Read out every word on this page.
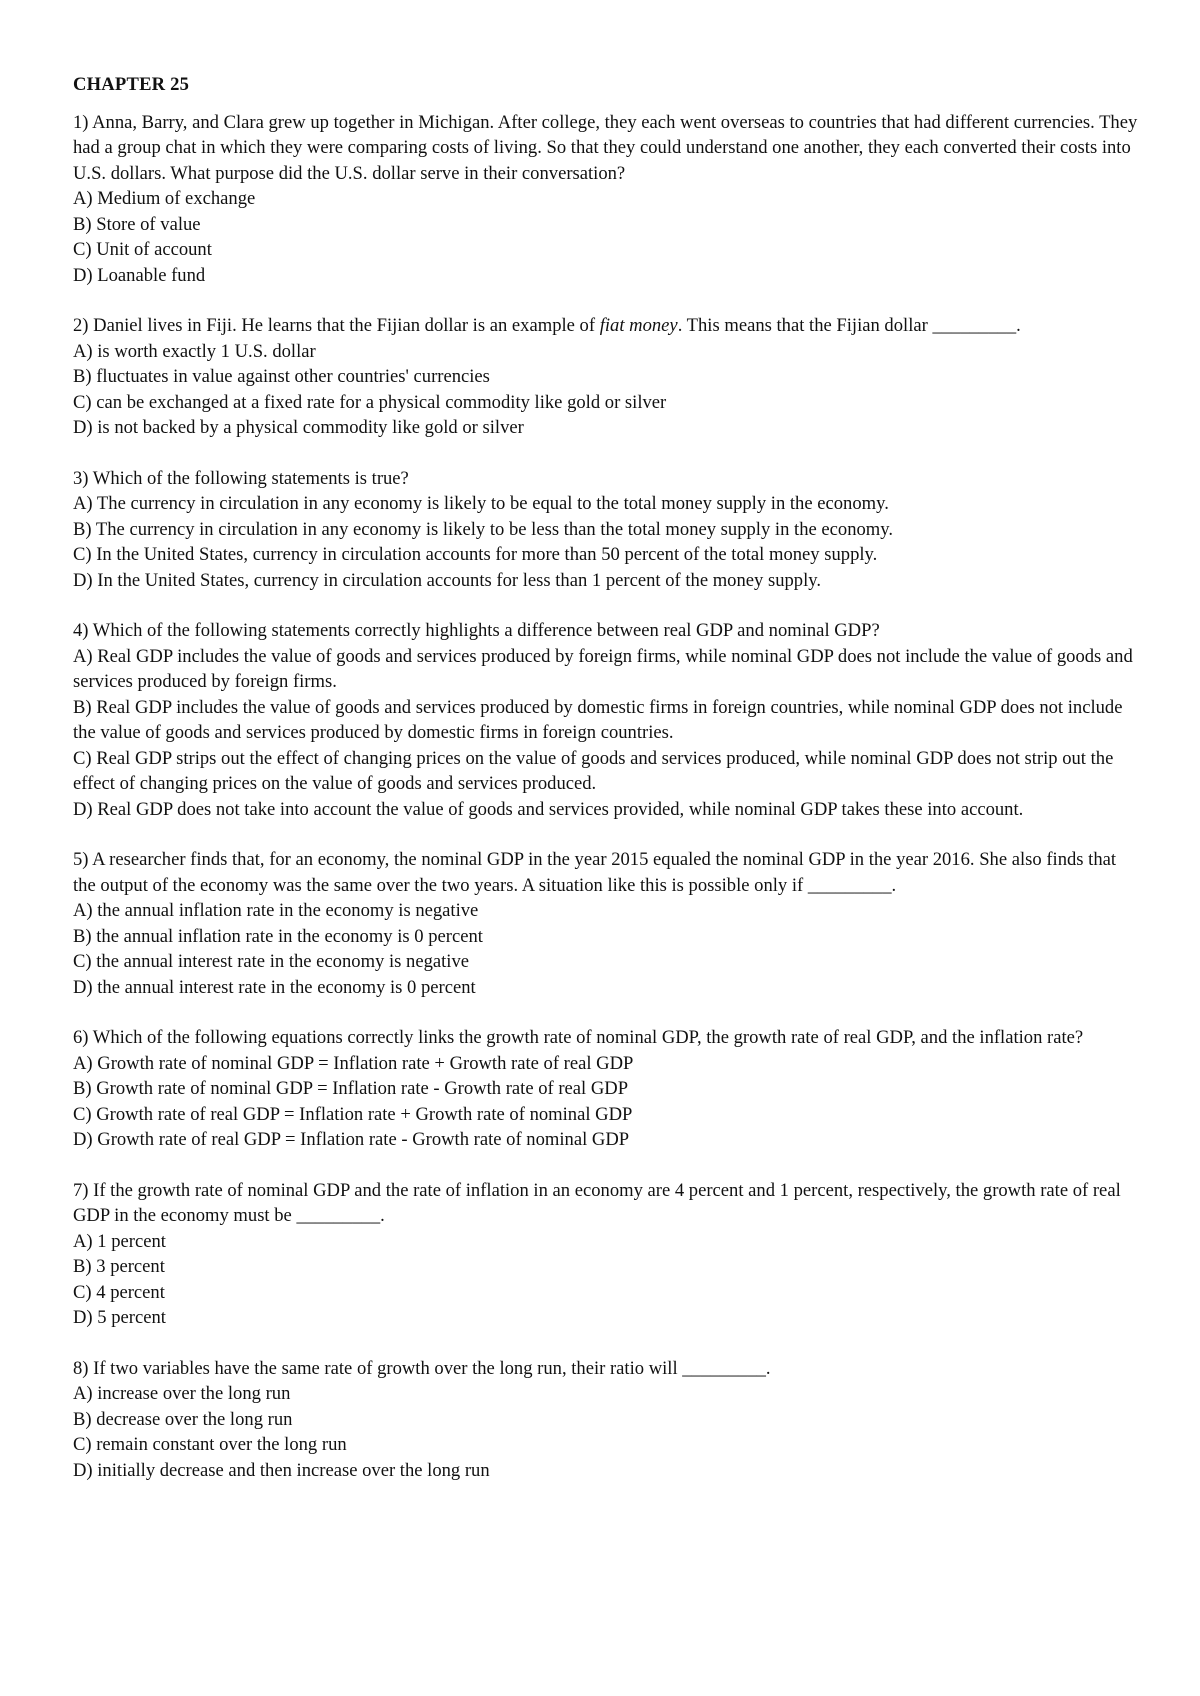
CHAPTER 25

1) Anna, Barry, and Clara grew up together in Michigan. After college, they each went overseas to countries that had different currencies. They had a group chat in which they were comparing costs of living. So that they could understand one another, they each converted their costs into U.S. dollars. What purpose did the U.S. dollar serve in their conversation?

A) Medium of exchange
B) Store of value
C) Unit of account
D) Loanable fund

2) Daniel lives in Fiji. He learns that the Fijian dollar is an example of fiat money. This means that the Fijian dollar _________.

A) is worth exactly 1 U.S. dollar
B) fluctuates in value against other countries' currencies
C) can be exchanged at a fixed rate for a physical commodity like gold or silver
D) is not backed by a physical commodity like gold or silver

3) Which of the following statements is true?

A) The currency in circulation in any economy is likely to be equal to the total money supply in the economy.
B) The currency in circulation in any economy is likely to be less than the total money supply in the economy.
C) In the United States, currency in circulation accounts for more than 50 percent of the total money supply.
D) In the United States, currency in circulation accounts for less than 1 percent of the money supply.

4) Which of the following statements correctly highlights a difference between real GDP and nominal GDP?

A) Real GDP includes the value of goods and services produced by foreign firms, while nominal GDP does not include the value of goods and services produced by foreign firms.
B) Real GDP includes the value of goods and services produced by domestic firms in foreign countries, while nominal GDP does not include the value of goods and services produced by domestic firms in foreign countries.
C) Real GDP strips out the effect of changing prices on the value of goods and services produced, while nominal GDP does not strip out the effect of changing prices on the value of goods and services produced.
D) Real GDP does not take into account the value of goods and services provided, while nominal GDP takes these into account.

5) A researcher finds that, for an economy, the nominal GDP in the year 2015 equaled the nominal GDP in the year 2016. She also finds that the output of the economy was the same over the two years. A situation like this is possible only if _________.

A) the annual inflation rate in the economy is negative
B) the annual inflation rate in the economy is 0 percent
C) the annual interest rate in the economy is negative
D) the annual interest rate in the economy is 0 percent

6) Which of the following equations correctly links the growth rate of nominal GDP, the growth rate of real GDP, and the inflation rate?

A) Growth rate of nominal GDP = Inflation rate + Growth rate of real GDP
B) Growth rate of nominal GDP = Inflation rate - Growth rate of real GDP
C) Growth rate of real GDP = Inflation rate + Growth rate of nominal GDP
D) Growth rate of real GDP = Inflation rate - Growth rate of nominal GDP

7) If the growth rate of nominal GDP and the rate of inflation in an economy are 4 percent and 1 percent, respectively, the growth rate of real GDP in the economy must be _________.

A) 1 percent
B) 3 percent
C) 4 percent
D) 5 percent

8) If two variables have the same rate of growth over the long run, their ratio will _________.

A) increase over the long run
B) decrease over the long run
C) remain constant over the long run
D) initially decrease and then increase over the long run
